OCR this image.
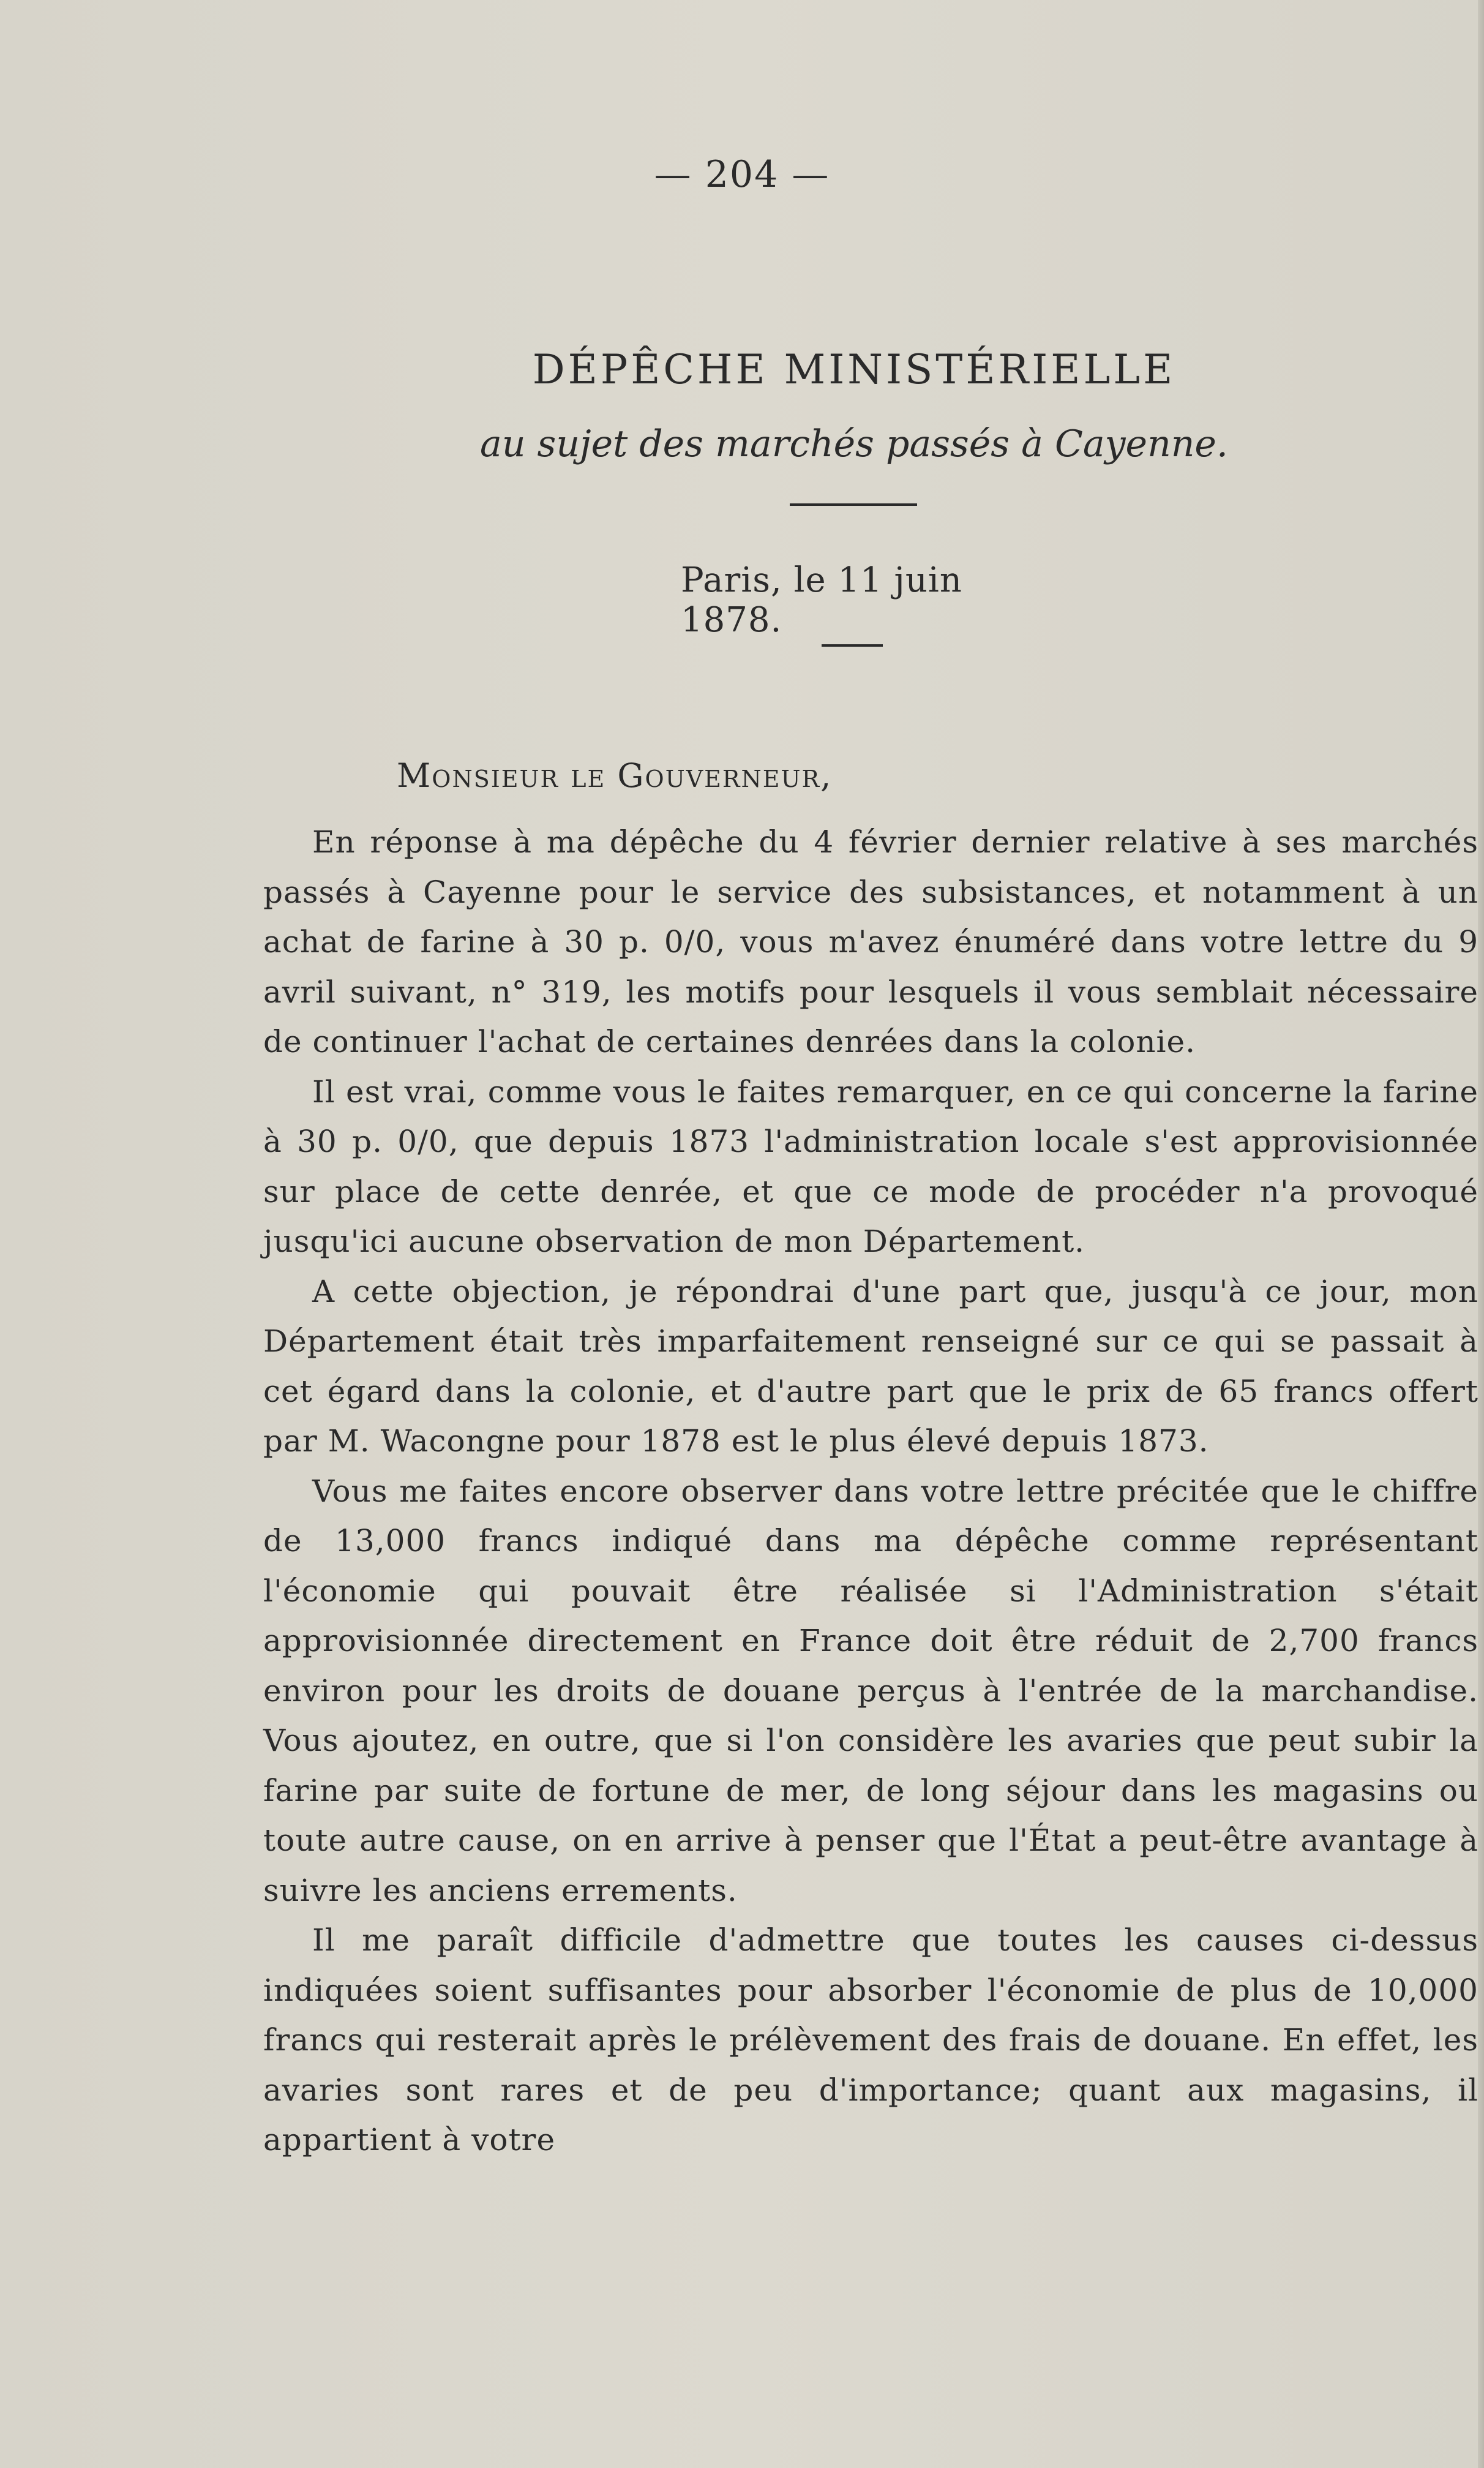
— 204 —
DÉPÊCHE MINISTÉRIELLE
au sujet des marchés passés à Cayenne.
Paris, le 11 juin 1878.
Monsieur le Gouverneur,

En réponse à ma dépêche du 4 février dernier relative à ses marchés passés à Cayenne pour le service des subsistances, et notamment à un achat de farine à 30 p. 0/0, vous m'avez énuméré dans votre lettre du 9 avril suivant, n° 319, les motifs pour lesquels il vous semblait nécessaire de continuer l'achat de certaines denrées dans la colonie.

Il est vrai, comme vous le faites remarquer, en ce qui concerne la farine à 30 p. 0/0, que depuis 1873 l'administration locale s'est approvisionnée sur place de cette denrée, et que ce mode de procéder n'a provoqué jusqu'ici aucune observation de mon Département.

A cette objection, je répondrai d'une part que, jusqu'à ce jour, mon Département était très imparfaitement renseigné sur ce qui se passait à cet égard dans la colonie, et d'autre part que le prix de 65 francs offert par M. Wacongne pour 1878 est le plus élevé depuis 1873.

Vous me faites encore observer dans votre lettre précitée que le chiffre de 13,000 francs indiqué dans ma dépêche comme représentant l'économie qui pouvait être réalisée si l'Administration s'était approvisionnée directement en France doit être réduit de 2,700 francs environ pour les droits de douane perçus à l'entrée de la marchandise. Vous ajoutez, en outre, que si l'on considère les avaries que peut subir la farine par suite de fortune de mer, de long séjour dans les magasins ou toute autre cause, on en arrive à penser que l'État a peut-être avantage à suivre les anciens errements.

Il me paraît difficile d'admettre que toutes les causes ci-dessus indiquées soient suffisantes pour absorber l'économie de plus de 10,000 francs qui resterait après le prélèvement des frais de douane. En effet, les avaries sont rares et de peu d'importance; quant aux magasins, il appartient à votre
